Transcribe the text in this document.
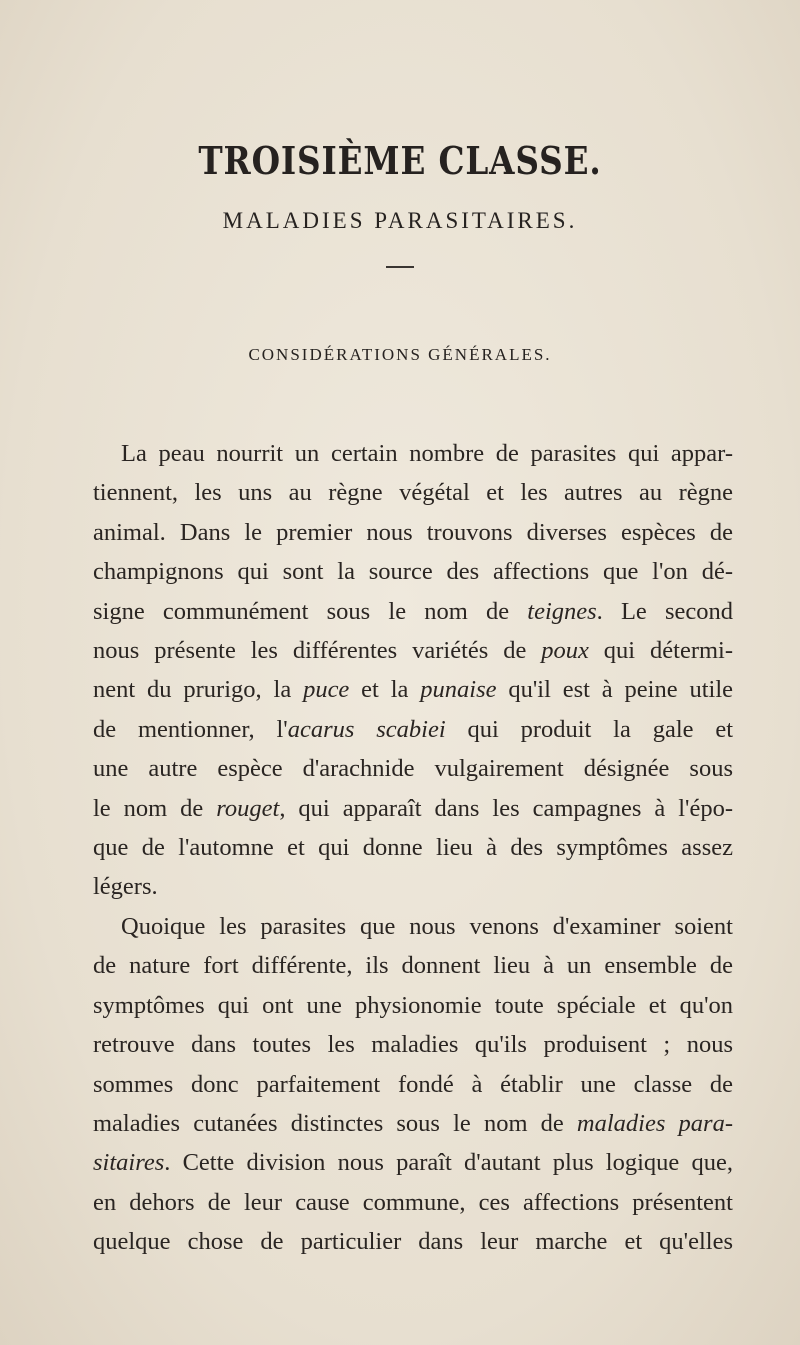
TROISIÈME CLASSE.
MALADIES PARASITAIRES.
CONSIDÉRATIONS GÉNÉRALES.
La peau nourrit un certain nombre de parasites qui appar-
tiennent, les uns au règne végétal et les autres au règne
animal. Dans le premier nous trouvons diverses espèces de
champignons qui sont la source des affections que l'on dé-
signe communément sous le nom de teignes. Le second
nous présente les différentes variétés de poux qui détermi-
nent du prurigo, la puce et la punaise qu'il est à peine utile
de mentionner, l'acarus scabiei qui produit la gale et
une autre espèce d'arachnide vulgairement désignée sous
le nom de rouget, qui apparaît dans les campagnes à l'épo-
que de l'automne et qui donne lieu à des symptômes assez
légers.
Quoique les parasites que nous venons d'examiner soient
de nature fort différente, ils donnent lieu à un ensemble de
symptômes qui ont une physionomie toute spéciale et qu'on
retrouve dans toutes les maladies qu'ils produisent ; nous
sommes donc parfaitement fondé à établir une classe de
maladies cutanées distinctes sous le nom de maladies para-
sitaires. Cette division nous paraît d'autant plus logique que,
en dehors de leur cause commune, ces affections présentent
quelque chose de particulier dans leur marche et qu'elles
